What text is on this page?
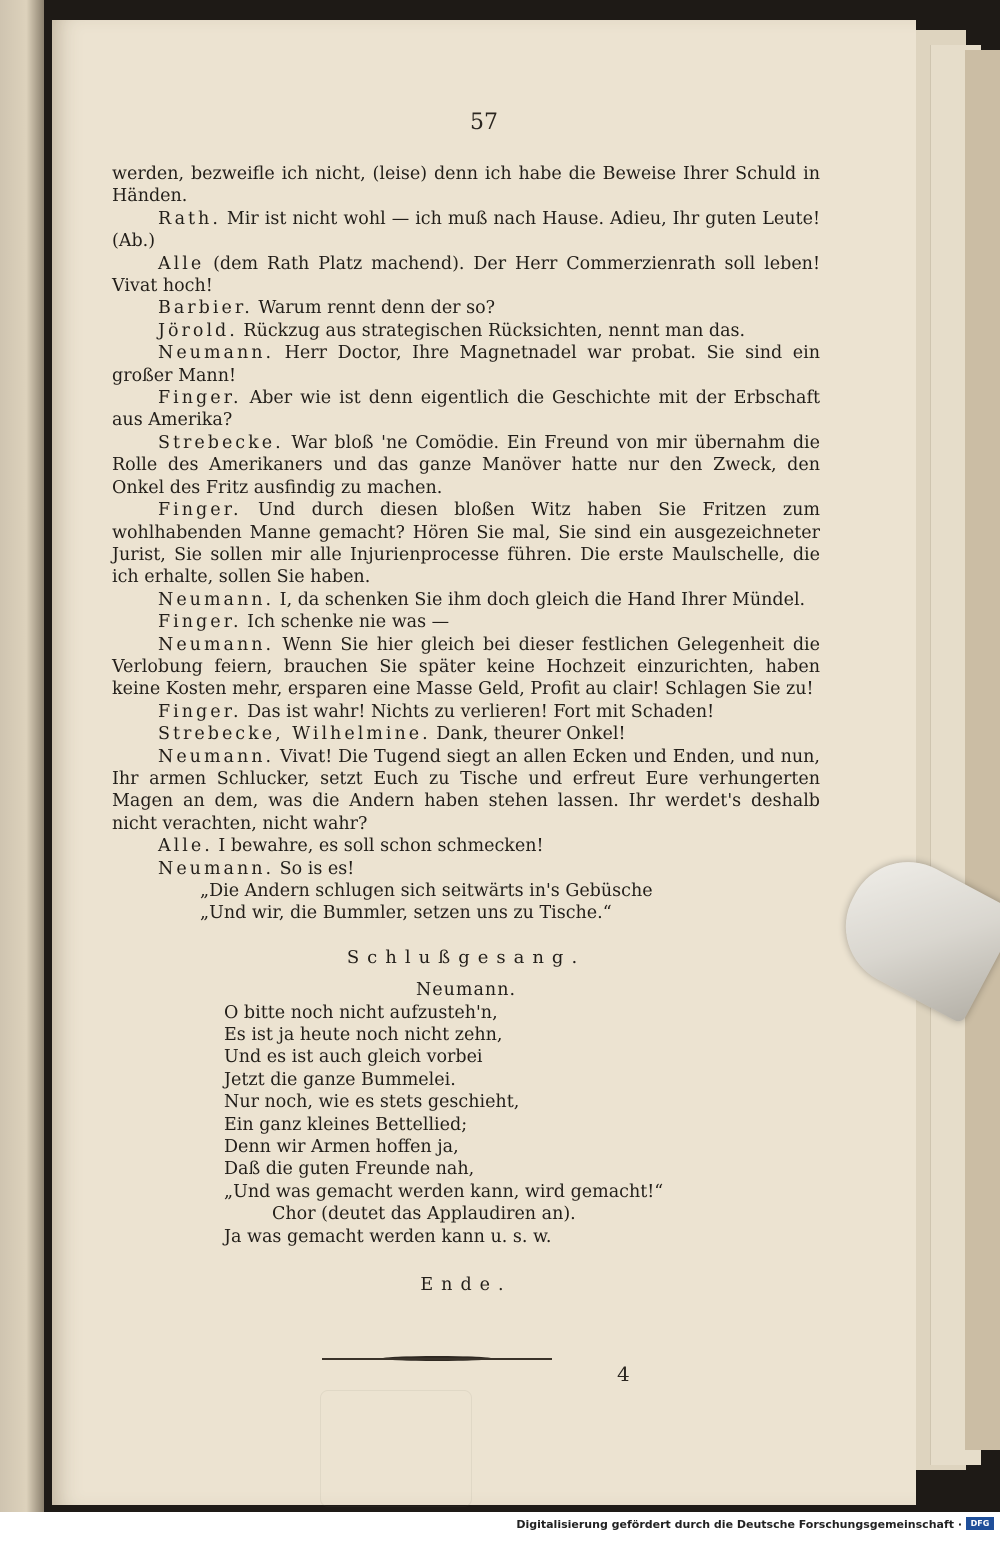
57

werden, bezweifle ich nicht, (leise) denn ich habe die Beweise Ihrer Schuld in Händen.

Rath. Mir ist nicht wohl — ich muß nach Hause. Adieu, Ihr guten Leute! (Ab.)

Alle (dem Rath Platz machend). Der Herr Commerzienrath soll leben! Vivat hoch!

Barbier. Warum rennt denn der so?

Jörold. Rückzug aus strategischen Rücksichten, nennt man das.

Neumann. Herr Doctor, Ihre Magnetnadel war probat. Sie sind ein großer Mann!

Finger. Aber wie ist denn eigentlich die Geschichte mit der Erbschaft aus Amerika?

Strebecke. War bloß 'ne Comödie. Ein Freund von mir übernahm die Rolle des Amerikaners und das ganze Manöver hatte nur den Zweck, den Onkel des Fritz ausfindig zu machen.

Finger. Und durch diesen bloßen Witz haben Sie Fritzen zum wohlhabenden Manne gemacht? Hören Sie mal, Sie sind ein ausgezeichneter Jurist, Sie sollen mir alle Injurienprocesse führen. Die erste Maulschelle, die ich erhalte, sollen Sie haben.

Neumann. I, da schenken Sie ihm doch gleich die Hand Ihrer Mündel.

Finger. Ich schenke nie was —

Neumann. Wenn Sie hier gleich bei dieser festlichen Gelegenheit die Verlobung feiern, brauchen Sie später keine Hochzeit einzurichten, haben keine Kosten mehr, ersparen eine Masse Geld, Profit au clair! Schlagen Sie zu!

Finger. Das ist wahr! Nichts zu verlieren! Fort mit Schaden!

Strebecke, Wilhelmine. Dank, theurer Onkel!

Neumann. Vivat! Die Tugend siegt an allen Ecken und Enden, und nun, Ihr armen Schlucker, setzt Euch zu Tische und erfreut Eure verhungerten Magen an dem, was die Andern haben stehen lassen. Ihr werdet's deshalb nicht verachten, nicht wahr?

Alle. I bewahre, es soll schon schmecken!

Neumann. So is es!

„Die Andern schlugen sich seitwärts in's Gebüsche

„Und wir, die Bummler, setzen uns zu Tische.“

Schlußgesang.

Neumann.

O bitte noch nicht aufzusteh'n,

Es ist ja heute noch nicht zehn,

Und es ist auch gleich vorbei

Jetzt die ganze Bummelei.

Nur noch, wie es stets geschieht,

Ein ganz kleines Bettellied;

Denn wir Armen hoffen ja,

Daß die guten Freunde nah,

„Und was gemacht werden kann, wird gemacht!“

Chor (deutet das Applaudiren an).

Ja was gemacht werden kann u. s. w.

Ende.
4
Digitalisierung gefördert durch die Deutsche Forschungsgemeinschaft ·	DFG
